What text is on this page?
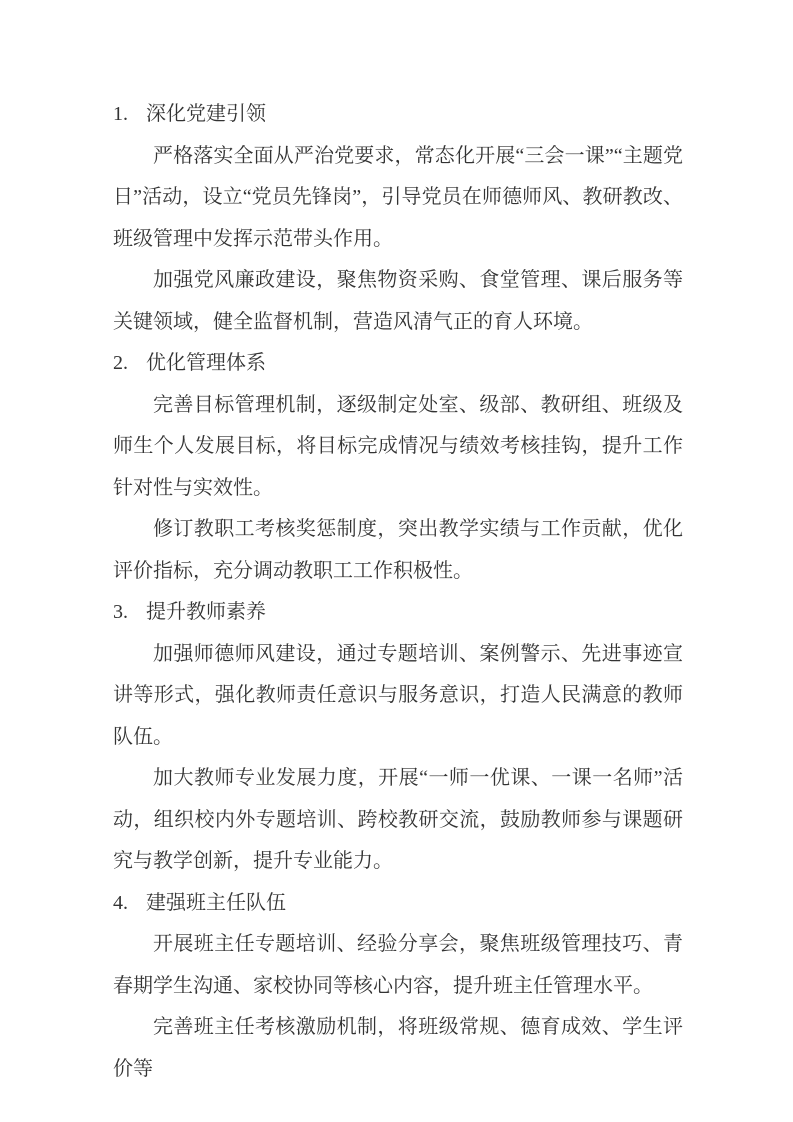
1. 深化党建引领

严格落实全面从严治党要求，常态化开展“三会一课”“主题党日”活动，设立“党员先锋岗”，引导党员在师德师风、教研教改、班级管理中发挥示范带头作用。

加强党风廉政建设，聚焦物资采购、食堂管理、课后服务等关键领域，健全监督机制，营造风清气正的育人环境。

2. 优化管理体系

完善目标管理机制，逐级制定处室、级部、教研组、班级及师生个人发展目标，将目标完成情况与绩效考核挂钩，提升工作针对性与实效性。

修订教职工考核奖惩制度，突出教学实绩与工作贡献，优化评价指标，充分调动教职工工作积极性。

3. 提升教师素养

加强师德师风建设，通过专题培训、案例警示、先进事迹宣讲等形式，强化教师责任意识与服务意识，打造人民满意的教师队伍。

加大教师专业发展力度，开展“一师一优课、一课一名师”活动，组织校内外专题培训、跨校教研交流，鼓励教师参与课题研究与教学创新，提升专业能力。

4. 建强班主任队伍

开展班主任专题培训、经验分享会，聚焦班级管理技巧、青春期学生沟通、家校协同等核心内容，提升班主任管理水平。

完善班主任考核激励机制，将班级常规、德育成效、学生评价等
